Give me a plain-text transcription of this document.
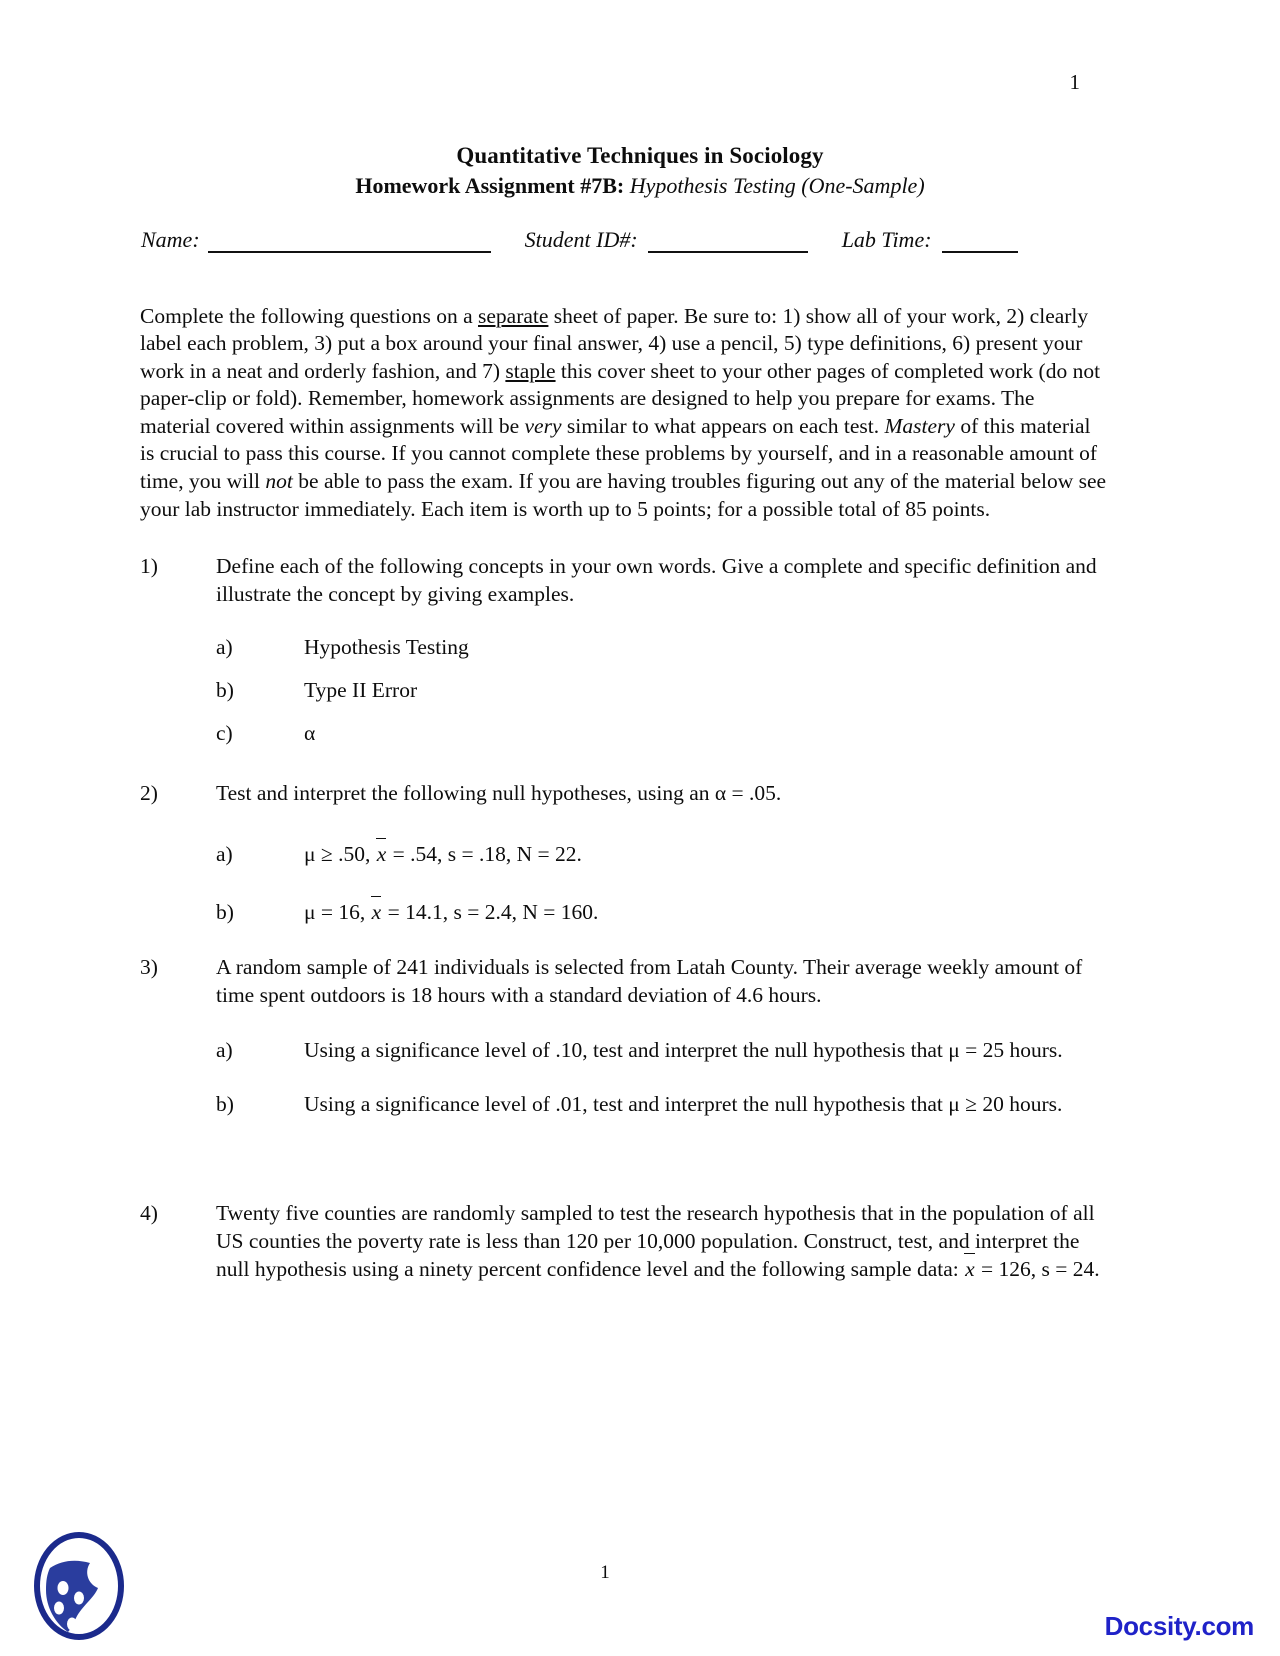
1
Quantitative Techniques in Sociology
Homework Assignment #7B: Hypothesis Testing (One-Sample)
Name:	Student ID#:	Lab Time:

Complete the following questions on a separate sheet of paper. Be sure to: 1) show all of your work, 2) clearly label each problem, 3) put a box around your final answer, 4) use a pencil, 5) type definitions, 6) present your work in a neat and orderly fashion, and 7) staple this cover sheet to your other pages of completed work (do not paper-clip or fold). Remember, homework assignments are designed to help you prepare for exams. The material covered within assignments will be very similar to what appears on each test. Mastery of this material is crucial to pass this course. If you cannot complete these problems by yourself, and in a reasonable amount of time, you will not be able to pass the exam. If you are having troubles figuring out any of the material below see your lab instructor immediately. Each item is worth up to 5 points; for a possible total of 85 points.

1)	Define each of the following concepts in your own words. Give a complete and specific definition and illustrate the concept by giving examples.
a)	Hypothesis Testing
b)	Type II Error
c)	α
2)	Test and interpret the following null hypotheses, using an α = .05.
a)	μ ≥ .50, x = .54, s = .18, N = 22.
b)	μ = 16, x = 14.1, s = 2.4, N = 160.
3)	A random sample of 241 individuals is selected from Latah County. Their average weekly amount of time spent outdoors is 18 hours with a standard deviation of 4.6 hours.
a)	Using a significance level of .10, test and interpret the null hypothesis that μ = 25 hours.
b)	Using a significance level of .01, test and interpret the null hypothesis that μ ≥ 20 hours.
4)	Twenty five counties are randomly sampled to test the research hypothesis that in the population of all US counties the poverty rate is less than 120 per 10,000 population. Construct, test, and interpret the null hypothesis using a ninety percent confidence level and the following sample data: x = 126, s = 24.
1
Docsity.com
